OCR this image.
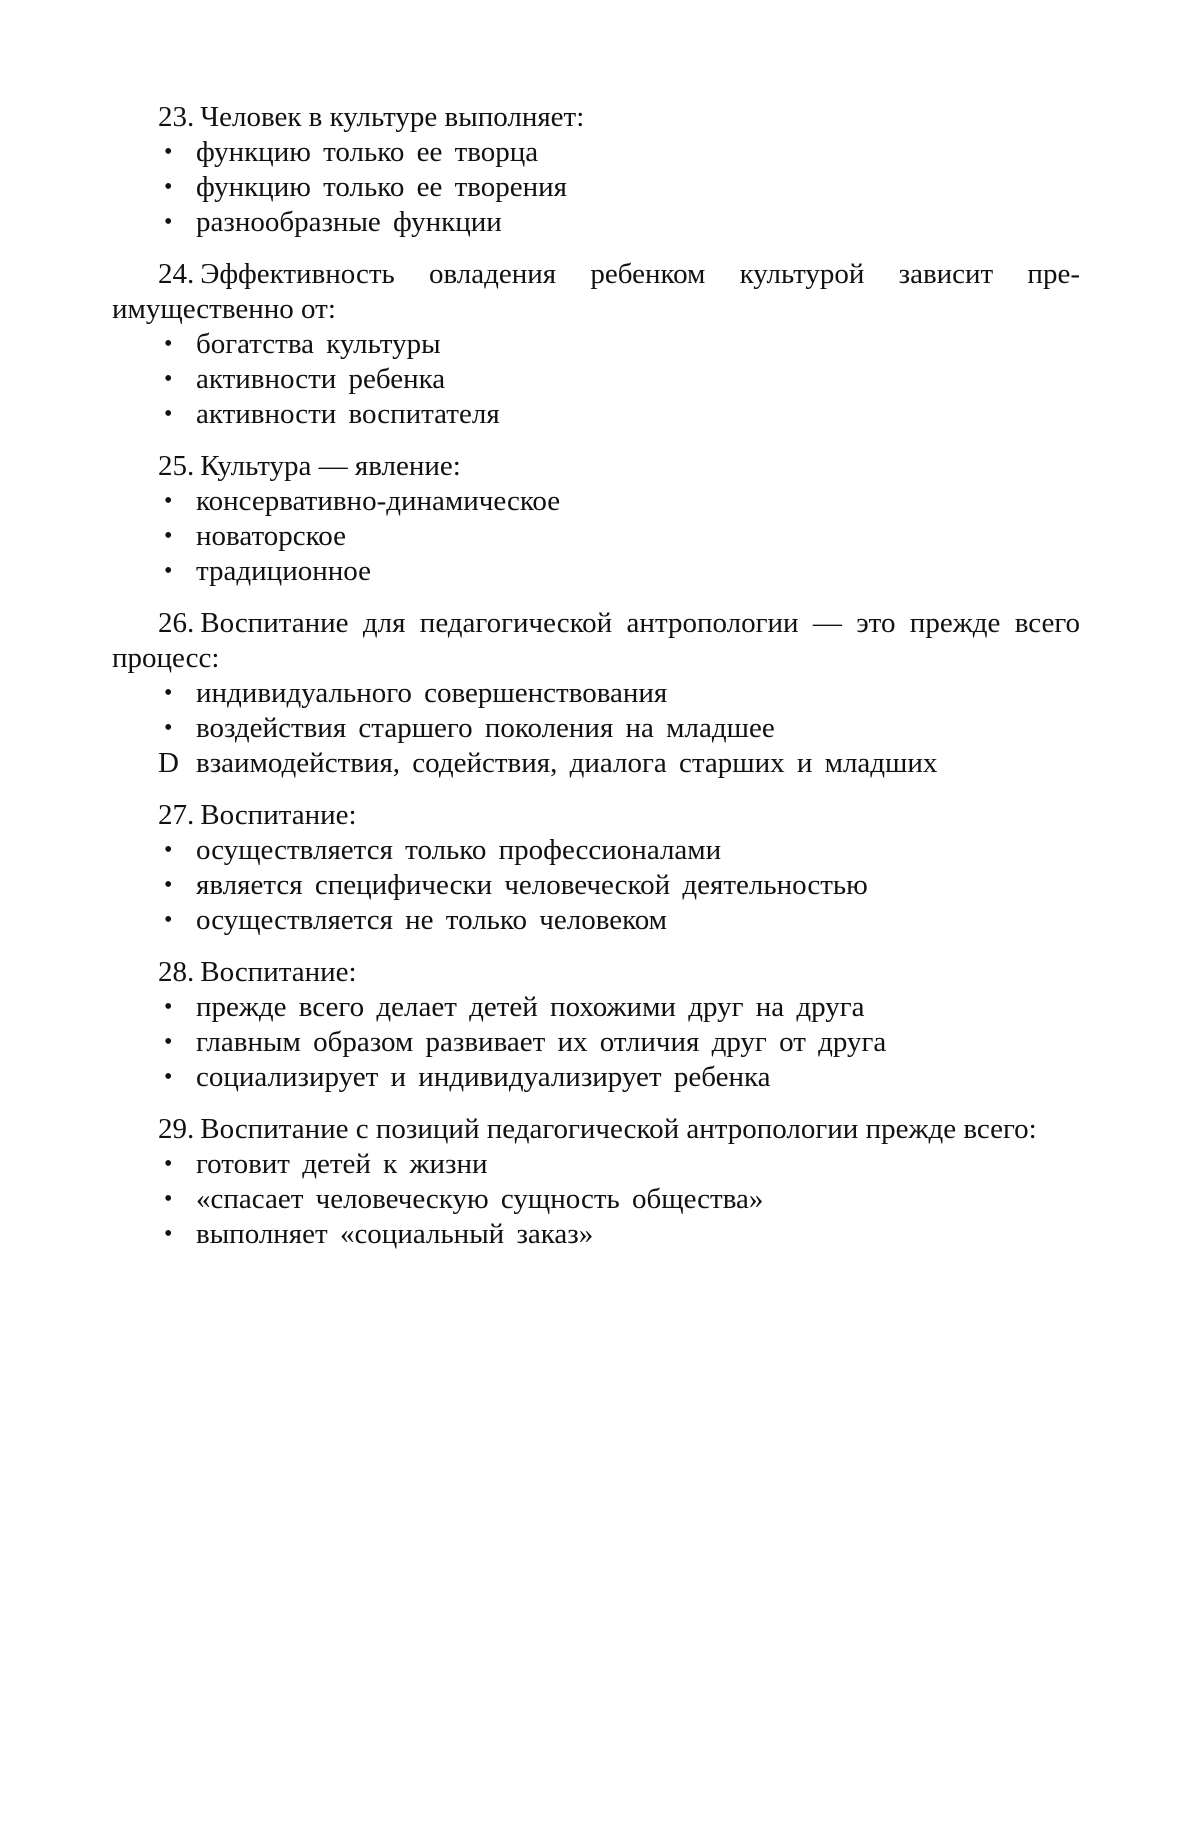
23. Человек в культуре выполняет:

• функцию только ее творца
• функцию только ее творения
• разнообразные функции

24. Эффективность овладения ребенком культурой зависит преимущественно от:

• богатства культуры
• активности ребенка
• активности воспитателя

25. Культура — явление:

• консервативно-динамическое
• новаторское
• традиционное

26. Воспитание для педагогической антропологии — это прежде всего процесс:

• индивидуального совершенствования
• воздействия старшего поколения на младшее
D взаимодействия, содействия, диалога старших и младших

27. Воспитание:

• осуществляется только профессионалами
• является специфически человеческой деятельностью
• осуществляется не только человеком

28. Воспитание:

• прежде всего делает детей похожими друг на друга
• главным образом развивает их отличия друг от друга
• социализирует и индивидуализирует ребенка

29. Воспитание с позиций педагогической антропологии прежде всего:

• готовит детей к жизни
• «спасает человеческую сущность общества»
• выполняет «социальный заказ»
